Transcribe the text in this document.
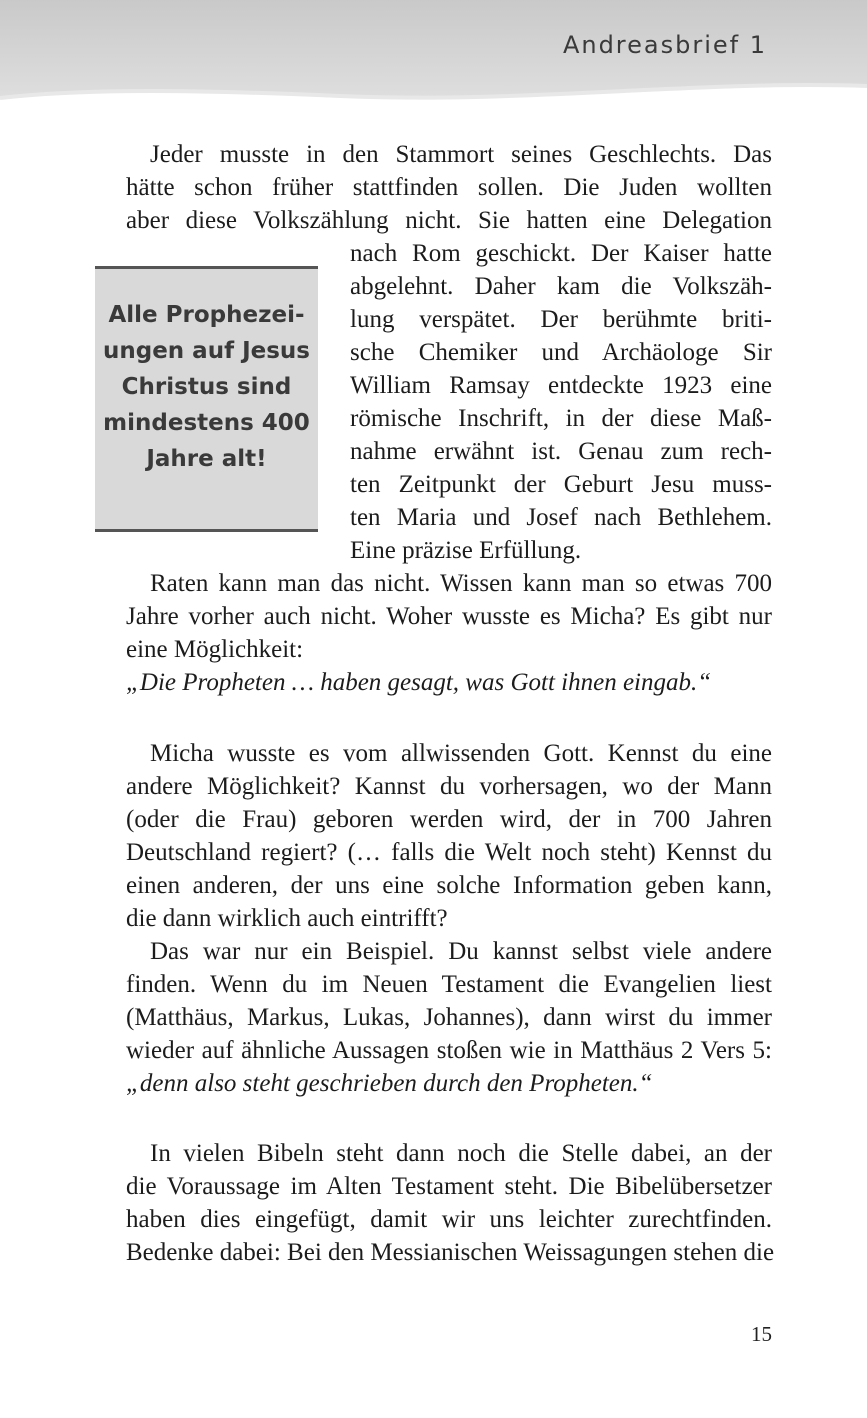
Andreasbrief 1
Jeder musste in den Stammort seines Geschlechts. Das
hätte schon früher stattfinden sollen. Die Juden wollten
aber diese Volkszählung nicht. Sie hatten eine Delegation
nach Rom geschickt. Der Kaiser hatte
abgelehnt. Daher kam die Volkszäh-
lung verspätet. Der berühmte briti-
sche Chemiker und Archäologe Sir
William Ramsay entdeckte 1923 eine
römische Inschrift, in der diese Maß-
nahme erwähnt ist. Genau zum rech-
ten Zeitpunkt der Geburt Jesu muss-
ten Maria und Josef nach Bethlehem.
Eine präzise Erfüllung.
Alle Prophezei-
ungen auf Jesus
Christus sind
mindestens 400
Jahre alt!
Raten kann man das nicht. Wissen kann man so etwas 700
Jahre vorher auch nicht. Woher wusste es Micha? Es gibt nur
eine Möglichkeit:
„Die Propheten … haben gesagt, was Gott ihnen eingab.“
Micha wusste es vom allwissenden Gott. Kennst du eine
andere Möglichkeit? Kannst du vorhersagen, wo der Mann
(oder die Frau) geboren werden wird, der in 700 Jahren
Deutschland regiert? (… falls die Welt noch steht) Kennst du
einen anderen, der uns eine solche Information geben kann,
die dann wirklich auch eintrifft?
Das war nur ein Beispiel. Du kannst selbst viele andere
finden. Wenn du im Neuen Testament die Evangelien liest
(Matthäus, Markus, Lukas, Johannes), dann wirst du immer
wieder auf ähnliche Aussagen stoßen wie in Matthäus 2 Vers 5:
„denn also steht geschrieben durch den Propheten.“
In vielen Bibeln steht dann noch die Stelle dabei, an der
die Voraussage im Alten Testament steht. Die Bibelübersetzer
haben dies eingefügt, damit wir uns leichter zurechtfinden.
Bedenke dabei: Bei den Messianischen Weissagungen stehen die
15
